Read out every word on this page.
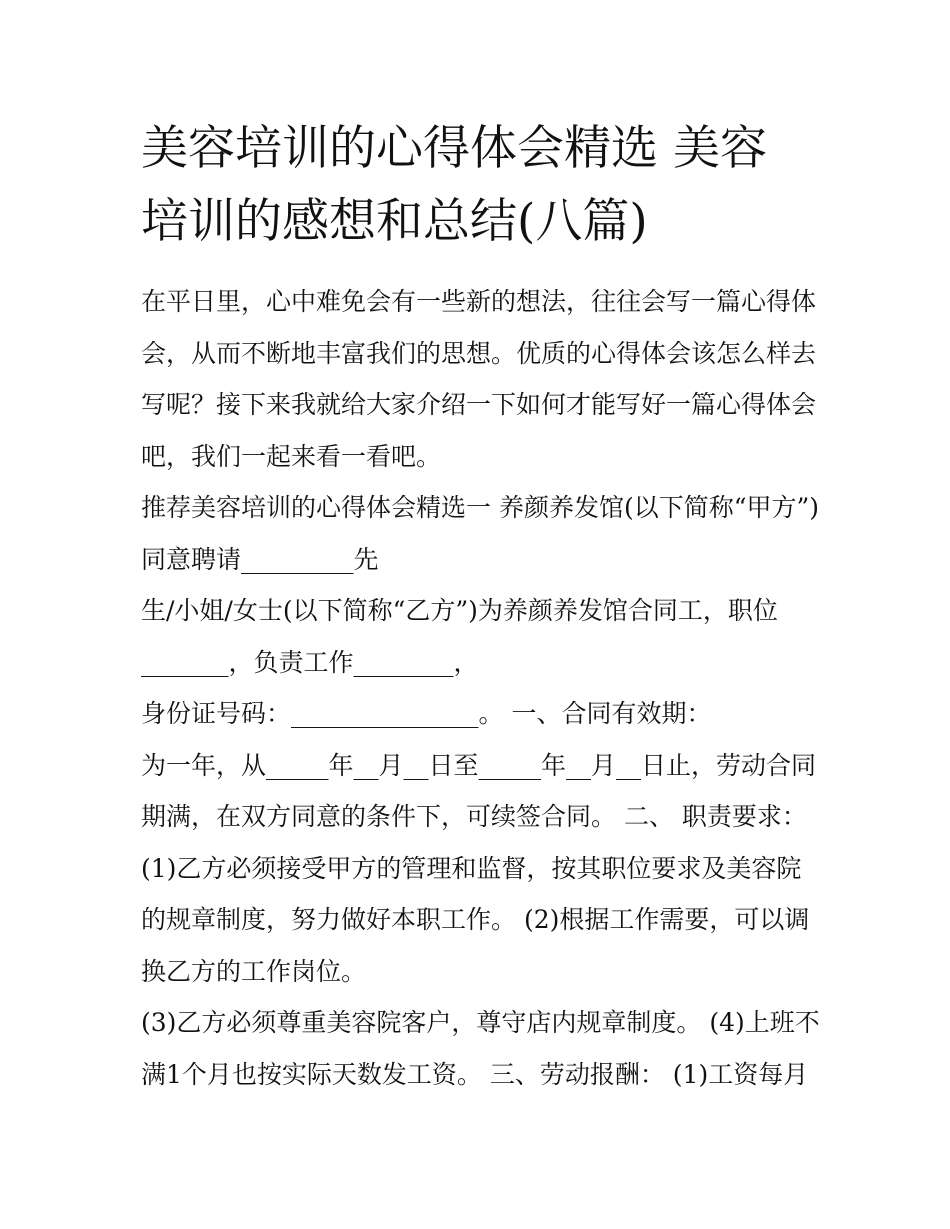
美容培训的心得体会精选 美容
培训的感想和总结(八篇)
在平日里，心中难免会有一些新的想法，往往会写一篇心得体
会，从而不断地丰富我们的思想。优质的心得体会该怎么样去
写呢？接下来我就给大家介绍一下如何才能写好一篇心得体会
吧，我们一起来看一看吧。
推荐美容培训的心得体会精选一 养颜养发馆(以下简称“甲方”)
同意聘请_________先
生/小姐/女士(以下简称“乙方”)为养颜养发馆合同工，职位
_______，负责工作________，
身份证号码：_______________。 一、合同有效期：
为一年，从_____年__月__日至_____年__月__日止，劳动合同
期满，在双方同意的条件下，可续签合同。 二、 职责要求：
(1)乙方必须接受甲方的管理和监督，按其职位要求及美容院
的规章制度，努力做好本职工作。 (2)根据工作需要，可以调
换乙方的工作岗位。
(3)乙方必须尊重美容院客户，尊守店内规章制度。 (4)上班不
满1个月也按实际天数发工资。 三、劳动报酬： (1)工资每月
